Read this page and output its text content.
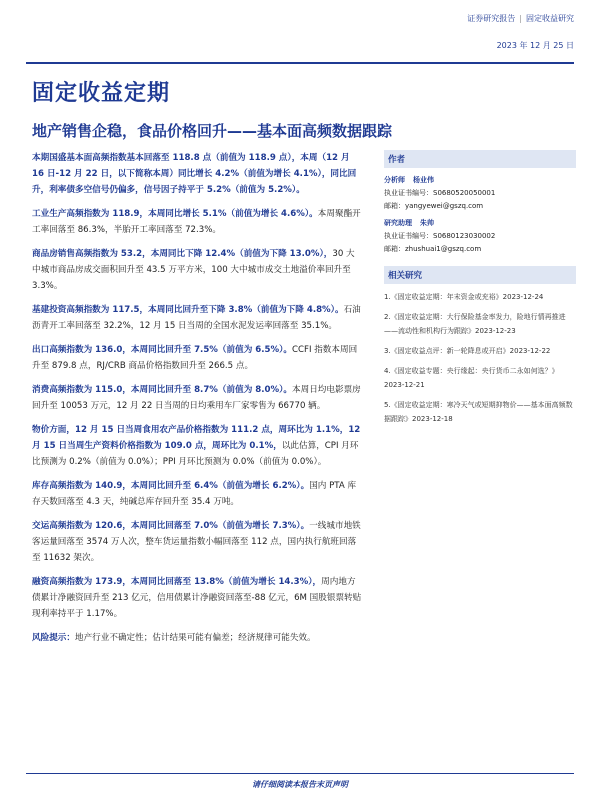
证券研究报告 | 固定收益研究
2023 年 12 月 25 日
固定收益定期
地产销售企稳，食品价格回升——基本面高频数据跟踪

本期国盛基本面高频指数基本回落至 118.8 点（前值为 118.9 点），本周（12 月 16 日-12 月 22 日，以下简称本周）同比增长 4.2%（前值为增长 4.1%），同比回升，利率债多空信号仍偏多，信号因子持平于 5.2%（前值为 5.2%）。

工业生产高频指数为 118.9，本周同比增长 5.1%（前值为增长 4.6%）。本周聚酯开工率回落至 86.3%，半胎开工率回落至 72.3%。

商品房销售高频指数为 53.2，本周同比下降 12.4%（前值为下降 13.0%），30 大中城市商品房成交面积回升至 43.5 万平方米，100 大中城市成交土地溢价率回升至 3.3%。

基建投资高频指数为 117.5，本周同比回升至下降 3.8%（前值为下降 4.8%）。石油沥青开工率回落至 32.2%，12 月 15 日当周的全国水泥发运率回落至 35.1%。

出口高频指数为 136.0，本周同比回升至 7.5%（前值为 6.5%）。CCFI 指数本周回升至 879.8 点，RJ/CRB 商品价格指数回升至 266.5 点。

消费高频指数为 115.0，本周同比回升至 8.7%（前值为 8.0%）。本周日均电影票房回升至 10053 万元，12 月 22 日当周的日均乘用车厂家零售为 66770 辆。

物价方面，12 月 15 日当周食用农产品价格指数为 111.2 点，周环比为 1.1%，12 月 15 日当周生产资料价格指数为 109.0 点，周环比为 0.1%，以此估算，CPI 月环比预测为 0.2%（前值为 0.0%）；PPI 月环比预测为 0.0%（前值为 0.0%）。

库存高频指数为 140.9，本周同比回升至 6.4%（前值为增长 6.2%）。国内 PTA 库存天数回落至 4.3 天，纯碱总库存回升至 35.4 万吨。

交运高频指数为 120.6，本周同比回落至 7.0%（前值为增长 7.3%）。一线城市地铁客运量回落至 3574 万人次，整车货运量指数小幅回落至 112 点，国内执行航班回落至 11632 架次。

融资高频指数为 173.9，本周同比回落至 13.8%（前值为增长 14.3%），周内地方债累计净融资回升至 213 亿元，信用债累计净融资回落至-88 亿元，6M 国股银票转贴现利率持平于 1.17%。

风险提示：地产行业不确定性；估计结果可能有偏差；经济规律可能失效。

作者
分析师 杨业伟
执业证书编号：S0680520050001
邮箱：yangyewei@gszq.com
研究助理 朱帅
执业证书编号：S0680123030002
邮箱：zhushuai1@gszq.com
相关研究
1.《固定收益定期：年末资金或充裕》2023-12-24
2.《固定收益定期：大行保险基金率发力，险地行情再推进——流动性和机构行为跟踪》2023-12-23
3.《固定收益点评：新一轮降息或开启》2023-12-22
4.《固定收益专题：央行缘起：央行货币二永如何选？》2023-12-21
5.《固定收益定期：寒冷天气或短期抑物价——基本面高频数据跟踪》2023-12-18
请仔细阅读本报告末页声明
